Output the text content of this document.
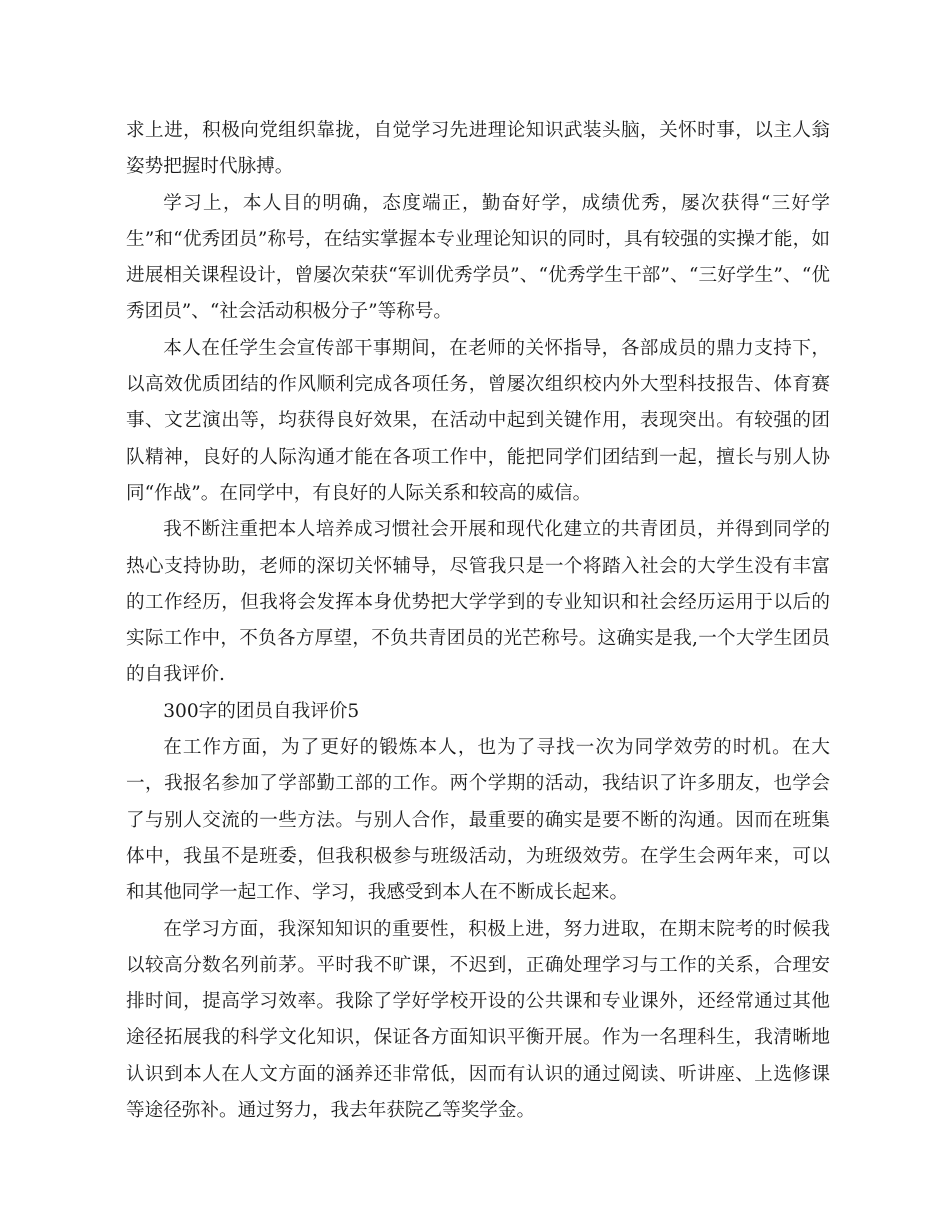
求上进，积极向党组织靠拢，自觉学习先进理论知识武装头脑，关怀时事，以主人翁姿势把握时代脉搏。

学习上，本人目的明确，态度端正，勤奋好学，成绩优秀，屡次获得“三好学生”和“优秀团员”称号，在结实掌握本专业理论知识的同时，具有较强的实操才能，如进展相关课程设计，曾屡次荣获“军训优秀学员”、“优秀学生干部”、“三好学生”、“优秀团员”、“社会活动积极分子”等称号。

本人在任学生会宣传部干事期间，在老师的关怀指导，各部成员的鼎力支持下，以高效优质团结的作风顺利完成各项任务，曾屡次组织校内外大型科技报告、体育赛事、文艺演出等，均获得良好效果，在活动中起到关键作用，表现突出。有较强的团队精神，良好的人际沟通才能在各项工作中，能把同学们团结到一起，擅长与别人协同“作战”。在同学中，有良好的人际关系和较高的威信。

我不断注重把本人培养成习惯社会开展和现代化建立的共青团员，并得到同学的热心支持协助，老师的深切关怀辅导，尽管我只是一个将踏入社会的大学生没有丰富的工作经历，但我将会发挥本身优势把大学学到的专业知识和社会经历运用于以后的实际工作中，不负各方厚望，不负共青团员的光芒称号。这确实是我,一个大学生团员的自我评价.

300字的团员自我评价5

在工作方面，为了更好的锻炼本人，也为了寻找一次为同学效劳的时机。在大一，我报名参加了学部勤工部的工作。两个学期的活动，我结识了许多朋友，也学会了与别人交流的一些方法。与别人合作，最重要的确实是要不断的沟通。因而在班集体中，我虽不是班委，但我积极参与班级活动，为班级效劳。在学生会两年来，可以和其他同学一起工作、学习，我感受到本人在不断成长起来。

在学习方面，我深知知识的重要性，积极上进，努力进取，在期末院考的时候我以较高分数名列前茅。平时我不旷课，不迟到，正确处理学习与工作的关系，合理安排时间，提高学习效率。我除了学好学校开设的公共课和专业课外，还经常通过其他途径拓展我的科学文化知识，保证各方面知识平衡开展。作为一名理科生，我清晰地认识到本人在人文方面的涵养还非常低，因而有认识的通过阅读、听讲座、上选修课等途径弥补。通过努力，我去年获院乙等奖学金。
